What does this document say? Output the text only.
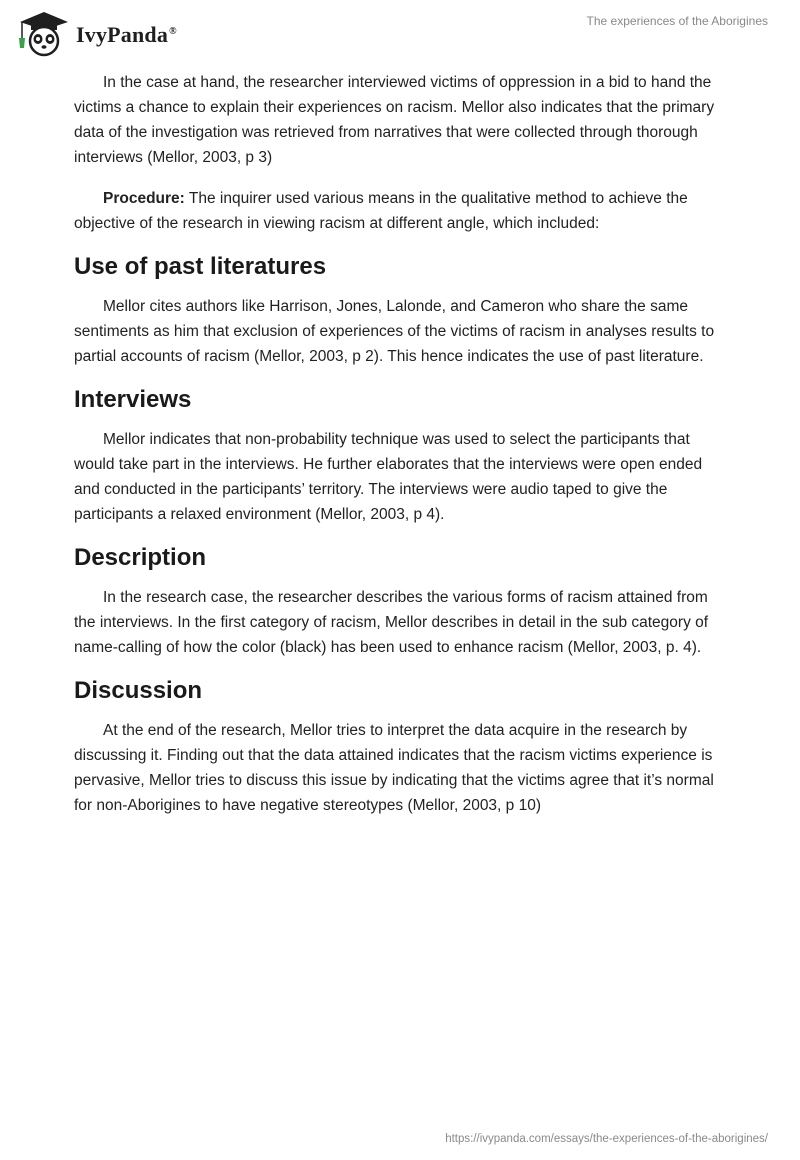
IvyPanda®
The experiences of the Aborigines

In the case at hand, the researcher interviewed victims of oppression in a bid to hand the victims a chance to explain their experiences on racism. Mellor also indicates that the primary data of the investigation was retrieved from narratives that were collected through thorough interviews (Mellor, 2003, p 3)

Procedure: The inquirer used various means in the qualitative method to achieve the objective of the research in viewing racism at different angle, which included:

Use of past literatures

Mellor cites authors like Harrison, Jones, Lalonde, and Cameron who share the same sentiments as him that exclusion of experiences of the victims of racism in analyses results to partial accounts of racism (Mellor, 2003, p 2). This hence indicates the use of past literature.

Interviews

Mellor indicates that non-probability technique was used to select the participants that would take part in the interviews. He further elaborates that the interviews were open ended and conducted in the participants’ territory. The interviews were audio taped to give the participants a relaxed environment (Mellor, 2003, p 4).

Description

In the research case, the researcher describes the various forms of racism attained from the interviews. In the first category of racism, Mellor describes in detail in the sub category of name-calling of how the color (black) has been used to enhance racism (Mellor, 2003, p. 4).

Discussion

At the end of the research, Mellor tries to interpret the data acquire in the research by discussing it. Finding out that the data attained indicates that the racism victims experience is pervasive, Mellor tries to discuss this issue by indicating that the victims agree that it’s normal for non-Aborigines to have negative stereotypes (Mellor, 2003, p 10)

https://ivypanda.com/essays/the-experiences-of-the-aborigines/
